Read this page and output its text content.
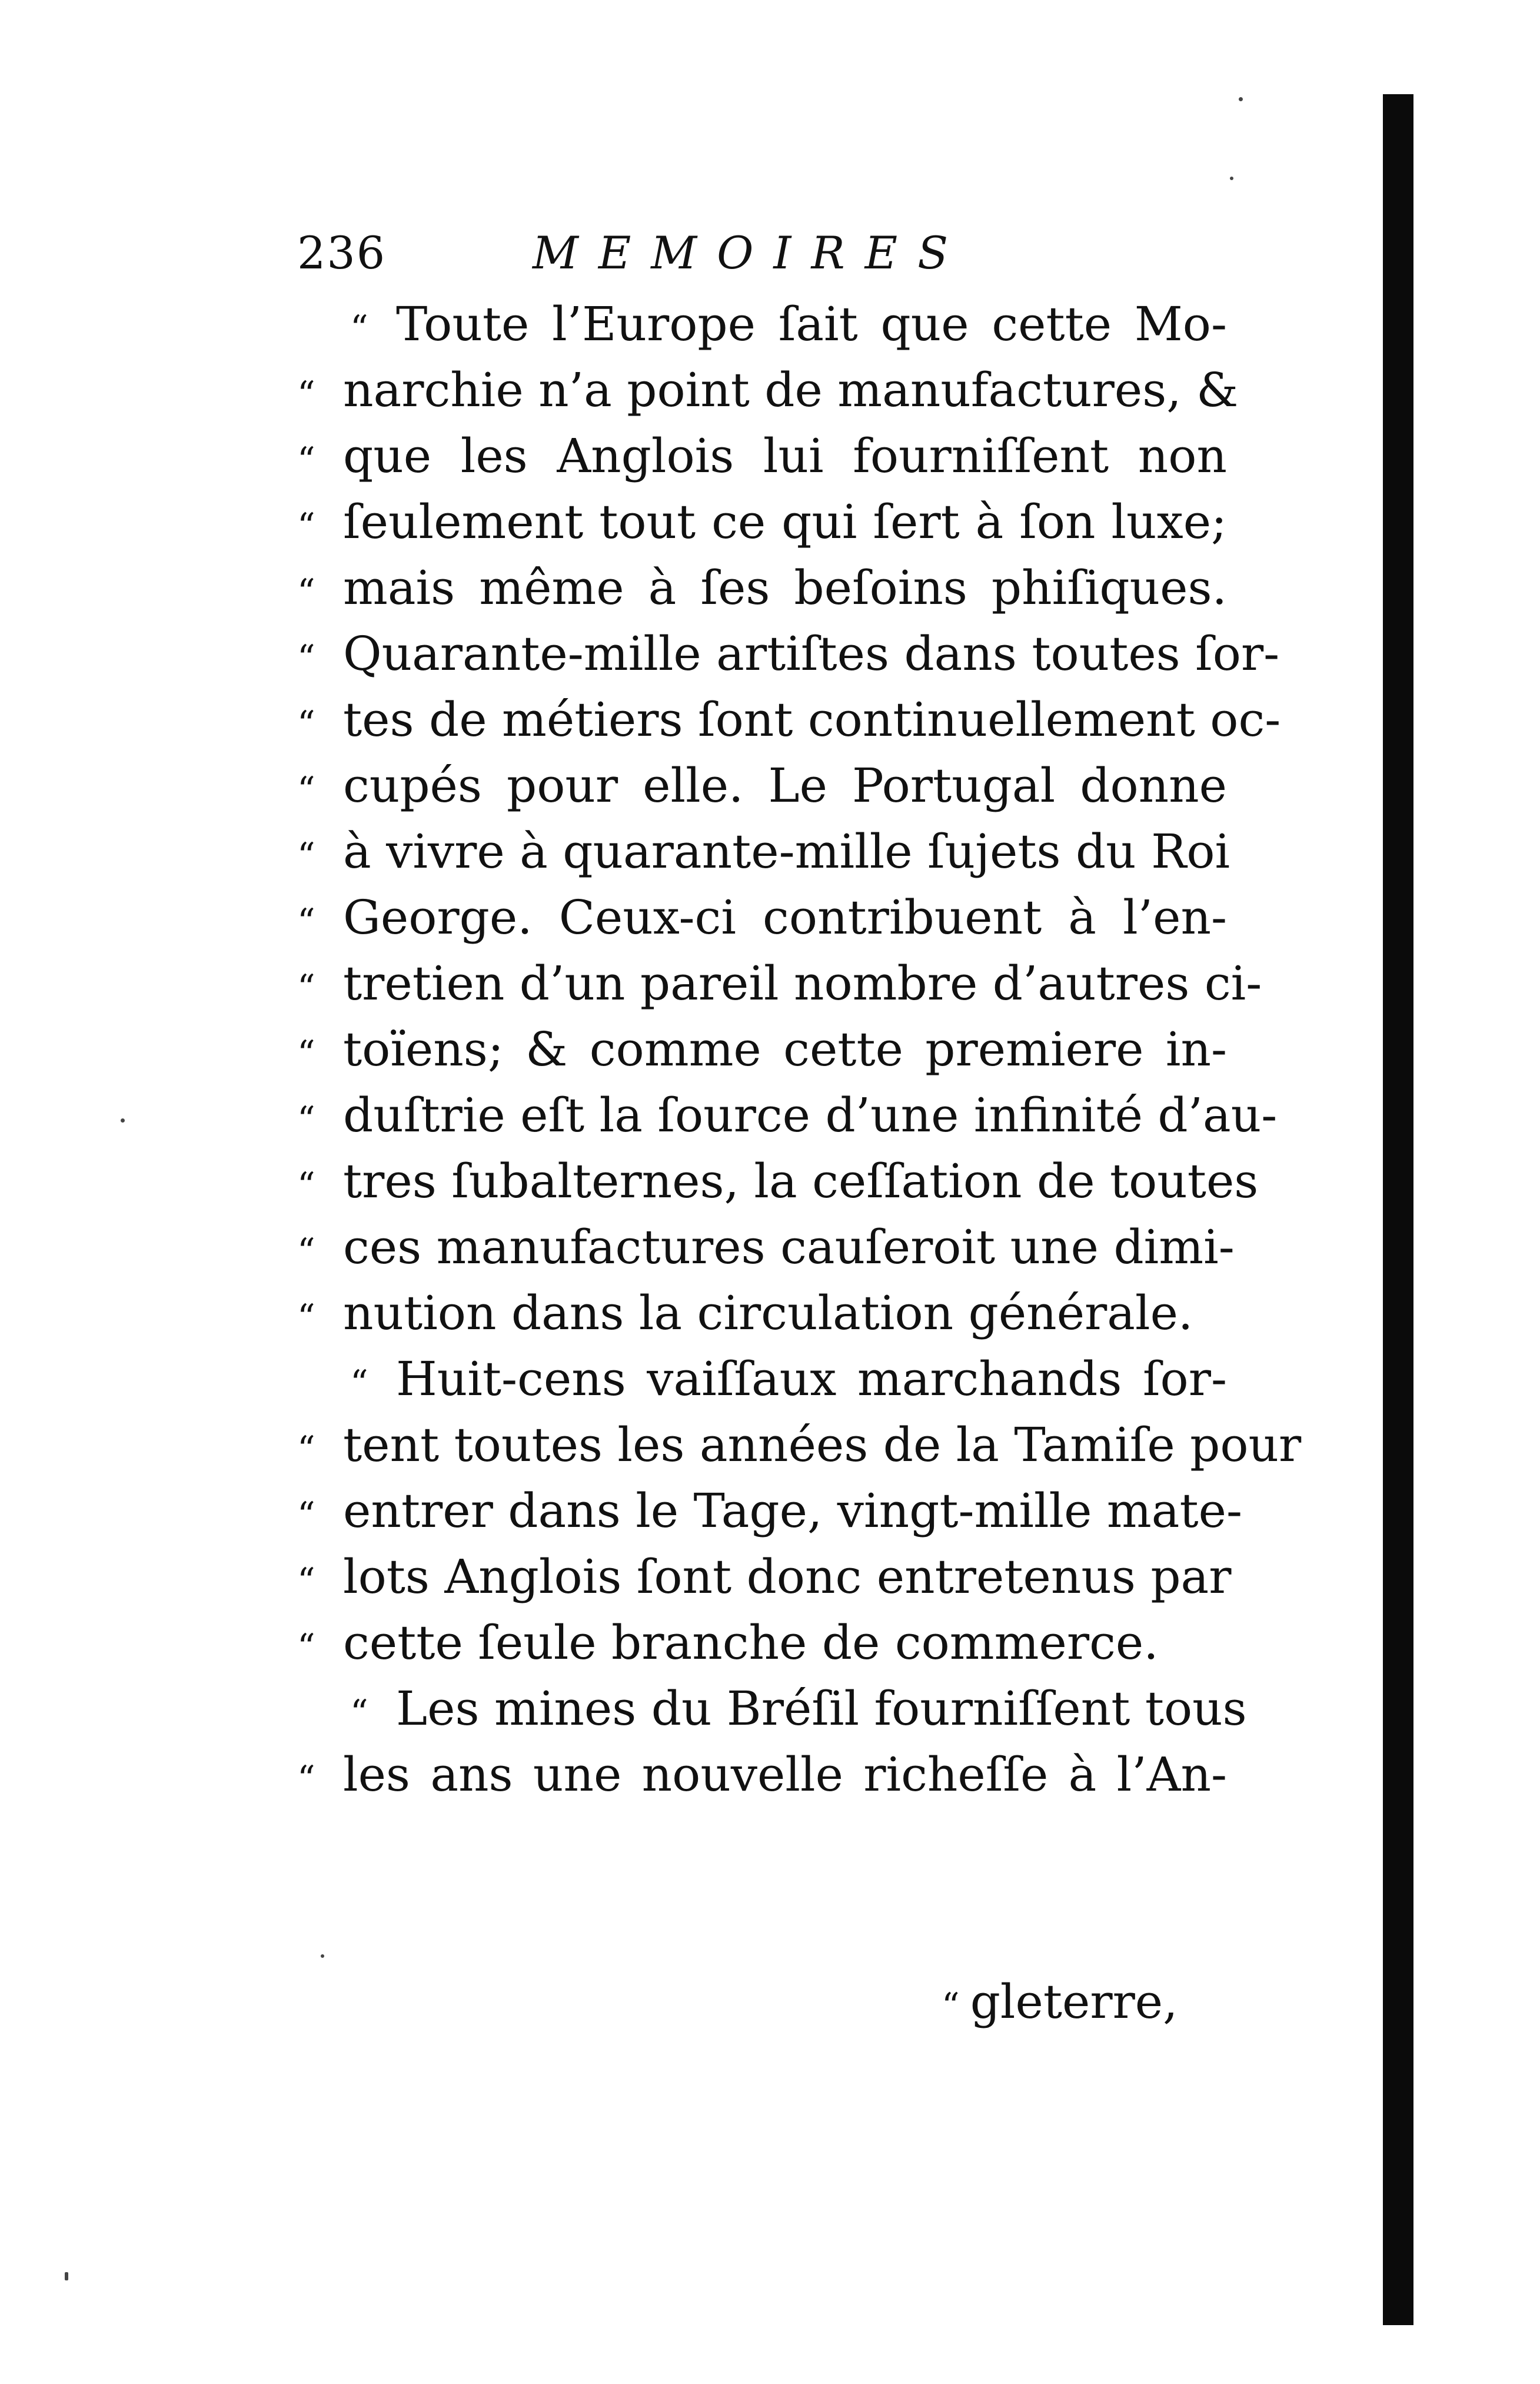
236	MEMOIRES
“ Toute l’Europe ſait que cette Mo-
“ narchie n’a point de manufactures, &
“ que les Anglois lui fourniſſent non
“ ſeulement tout ce qui ſert à ſon luxe;
“ mais même à ſes beſoins phiſiques.
“ Quarante-mille artiſtes dans toutes ſor-
“ tes de métiers ſont continuellement oc-
“ cupés pour elle. Le Portugal donne
“ à vivre à quarante-mille ſujets du Roi
“ George. Ceux-ci contribuent à l’en-
“ tretien d’un pareil nombre d’autres ci-
“ toïens; & comme cette premiere in-
“ duſtrie eſt la ſource d’une infinité d’au-
“ tres ſubalternes, la ceſſation de toutes
“ ces manufactures cauſeroit une dimi-
“ nution dans la circulation générale.
“ Huit-cens vaiſſaux marchands ſor-
“ tent toutes les années de la Tamiſe pour
“ entrer dans le Tage, vingt-mille mate-
“ lots Anglois ſont donc entretenus par
“ cette ſeule branche de commerce.
“ Les mines du Bréſil fourniſſent tous
“ les ans une nouvelle richeſſe à l’An-
“ gleterre,
